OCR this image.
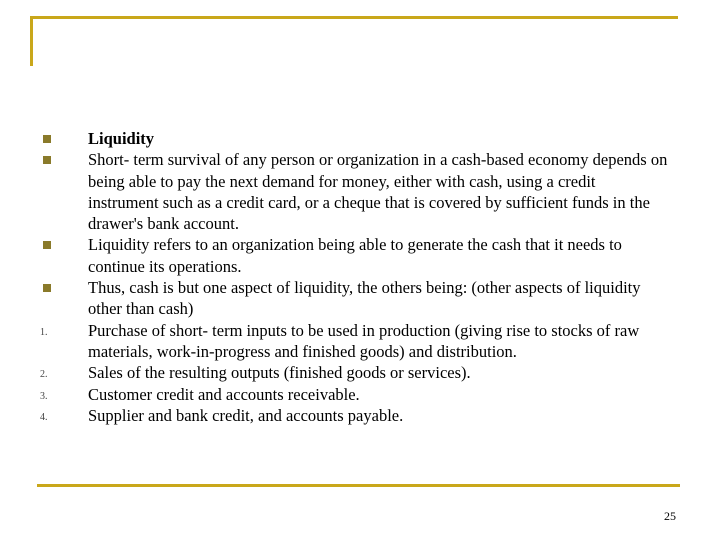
Liquidity
Short- term survival of any person or organization in a cash-based economy depends on being able to pay the next demand for money, either with cash, using a credit instrument such as a credit card, or a cheque that is covered by sufficient funds in the drawer's bank account.
Liquidity refers to an organization being able to generate the cash that it needs to continue its operations.
Thus, cash is but one aspect of liquidity, the others being: (other aspects of liquidity other than cash)
1. Purchase of short- term inputs to be used in production (giving rise to stocks of raw materials, work-in-progress and finished goods) and distribution.
2. Sales of the resulting outputs (finished goods or services).
3. Customer credit and accounts receivable.
4. Supplier and bank credit, and accounts payable.
25
